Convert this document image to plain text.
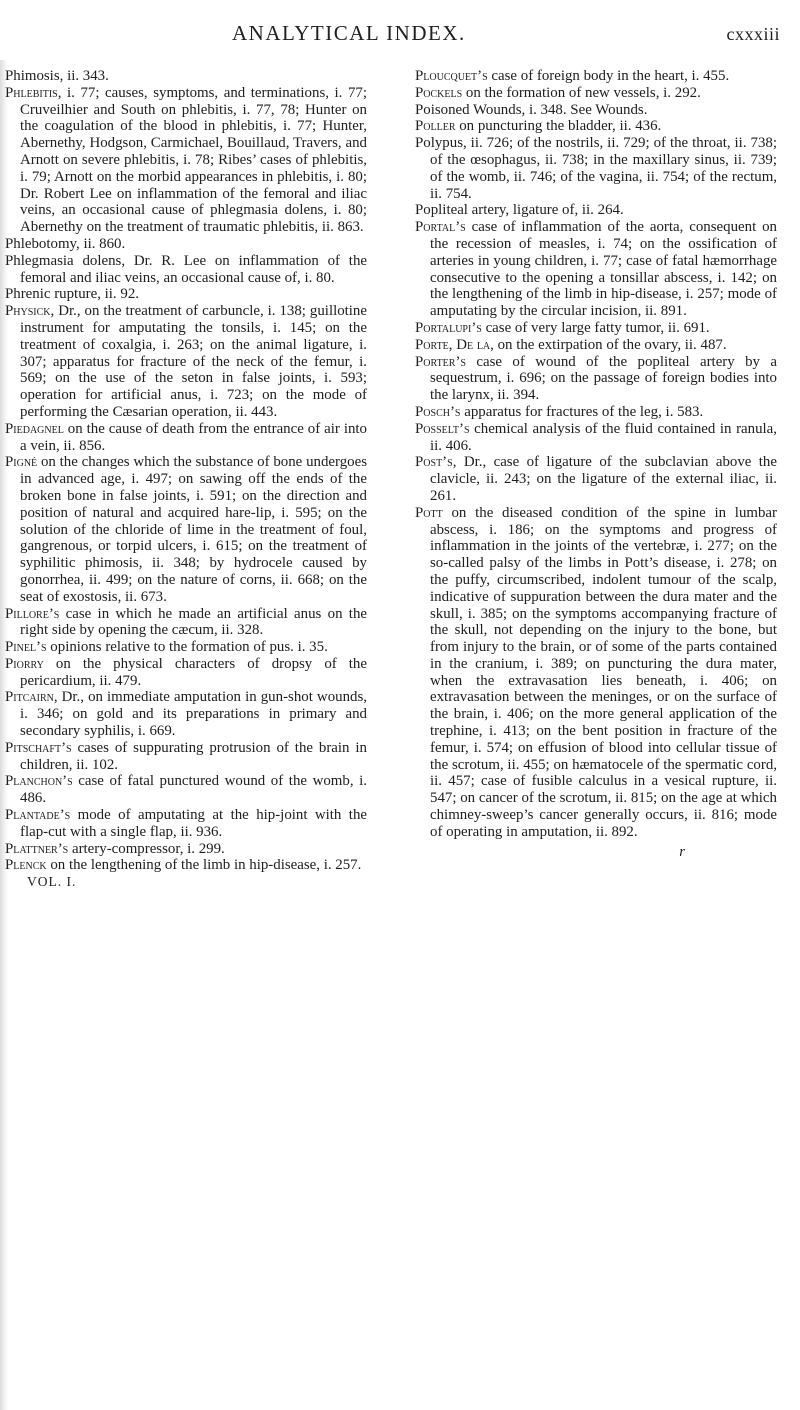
ANALYTICAL INDEX.	cxxxiii

Phimosis, ii. 343.

Phlebitis, i. 77; causes, symptoms, and terminations, i. 77; Cruveilhier and South on phlebitis, i. 77, 78; Hunter on the coagulation of the blood in phlebitis, i. 77; Hunter, Abernethy, Hodgson, Carmichael, Bouillaud, Travers, and Arnott on severe phlebitis, i. 78; Ribes’ cases of phlebitis, i. 79; Arnott on the morbid appearances in phlebitis, i. 80; Dr. Robert Lee on inflammation of the femoral and iliac veins, an occasional cause of phlegmasia dolens, i. 80; Abernethy on the treatment of traumatic phlebitis, ii. 863.

Phlebotomy, ii. 860.

Phlegmasia dolens, Dr. R. Lee on inflammation of the femoral and iliac veins, an occasional cause of, i. 80.

Phrenic rupture, ii. 92.

Physick, Dr., on the treatment of carbuncle, i. 138; guillotine instrument for amputating the tonsils, i. 145; on the treatment of coxalgia, i. 263; on the animal ligature, i. 307; apparatus for fracture of the neck of the femur, i. 569; on the use of the seton in false joints, i. 593; operation for artificial anus, i. 723; on the mode of performing the Cæsarian operation, ii. 443.

Piedagnel on the cause of death from the entrance of air into a vein, ii. 856.

Pigné on the changes which the substance of bone undergoes in advanced age, i. 497; on sawing off the ends of the broken bone in false joints, i. 591; on the direction and position of natural and acquired hare-lip, i. 595; on the solution of the chloride of lime in the treatment of foul, gangrenous, or torpid ulcers, i. 615; on the treatment of syphilitic phimosis, ii. 348; by hydrocele caused by gonorrhea, ii. 499; on the nature of corns, ii. 668; on the seat of exostosis, ii. 673.

Pillore’s case in which he made an artificial anus on the right side by opening the cæcum, ii. 328.

Pinel’s opinions relative to the formation of pus. i. 35.

Piorry on the physical characters of dropsy of the pericardium, ii. 479.

Pitcairn, Dr., on immediate amputation in gun-shot wounds, i. 346; on gold and its preparations in primary and secondary syphilis, i. 669.

Pitschaft’s cases of suppurating protrusion of the brain in children, ii. 102.

Planchon’s case of fatal punctured wound of the womb, i. 486.

Plantade’s mode of amputating at the hip-joint with the flap-cut with a single flap, ii. 936.

Plattner’s artery-compressor, i. 299.

Plenck on the lengthening of the limb in hip-disease, i. 257.

VOL. I.

Ploucquet’s case of foreign body in the heart, i. 455.

Pockels on the formation of new vessels, i. 292.

Poisoned Wounds, i. 348. See Wounds.

Poller on puncturing the bladder, ii. 436.

Polypus, ii. 726; of the nostrils, ii. 729; of the throat, ii. 738; of the œsophagus, ii. 738; in the maxillary sinus, ii. 739; of the womb, ii. 746; of the vagina, ii. 754; of the rectum, ii. 754.

Popliteal artery, ligature of, ii. 264.

Portal’s case of inflammation of the aorta, consequent on the recession of measles, i. 74; on the ossification of arteries in young children, i. 77; case of fatal hæmorrhage consecutive to the opening a tonsillar abscess, i. 142; on the lengthening of the limb in hip-disease, i. 257; mode of amputating by the circular incision, ii. 891.

Portalupi’s case of very large fatty tumor, ii. 691.

Porte, De la, on the extirpation of the ovary, ii. 487.

Porter’s case of wound of the popliteal artery by a sequestrum, i. 696; on the passage of foreign bodies into the larynx, ii. 394.

Posch’s apparatus for fractures of the leg, i. 583.

Posselt’s chemical analysis of the fluid contained in ranula, ii. 406.

Post’s, Dr., case of ligature of the subclavian above the clavicle, ii. 243; on the ligature of the external iliac, ii. 261.

Pott on the diseased condition of the spine in lumbar abscess, i. 186; on the symptoms and progress of inflammation in the joints of the vertebræ, i. 277; on the so-called palsy of the limbs in Pott’s disease, i. 278; on the puffy, circumscribed, indolent tumour of the scalp, indicative of suppuration between the dura mater and the skull, i. 385; on the symptoms accompanying fracture of the skull, not depending on the injury to the bone, but from injury to the brain, or of some of the parts contained in the cranium, i. 389; on puncturing the dura mater, when the extravasation lies beneath, i. 406; on extravasation between the meninges, or on the surface of the brain, i. 406; on the more general application of the trephine, i. 413; on the bent position in fracture of the femur, i. 574; on effusion of blood into cellular tissue of the scrotum, ii. 455; on hæmatocele of the spermatic cord, ii. 457; case of fusible calculus in a vesical rupture, ii. 547; on cancer of the scrotum, ii. 815; on the age at which chimney-sweep’s cancer generally occurs, ii. 816; mode of operating in amputation, ii. 892.

r
